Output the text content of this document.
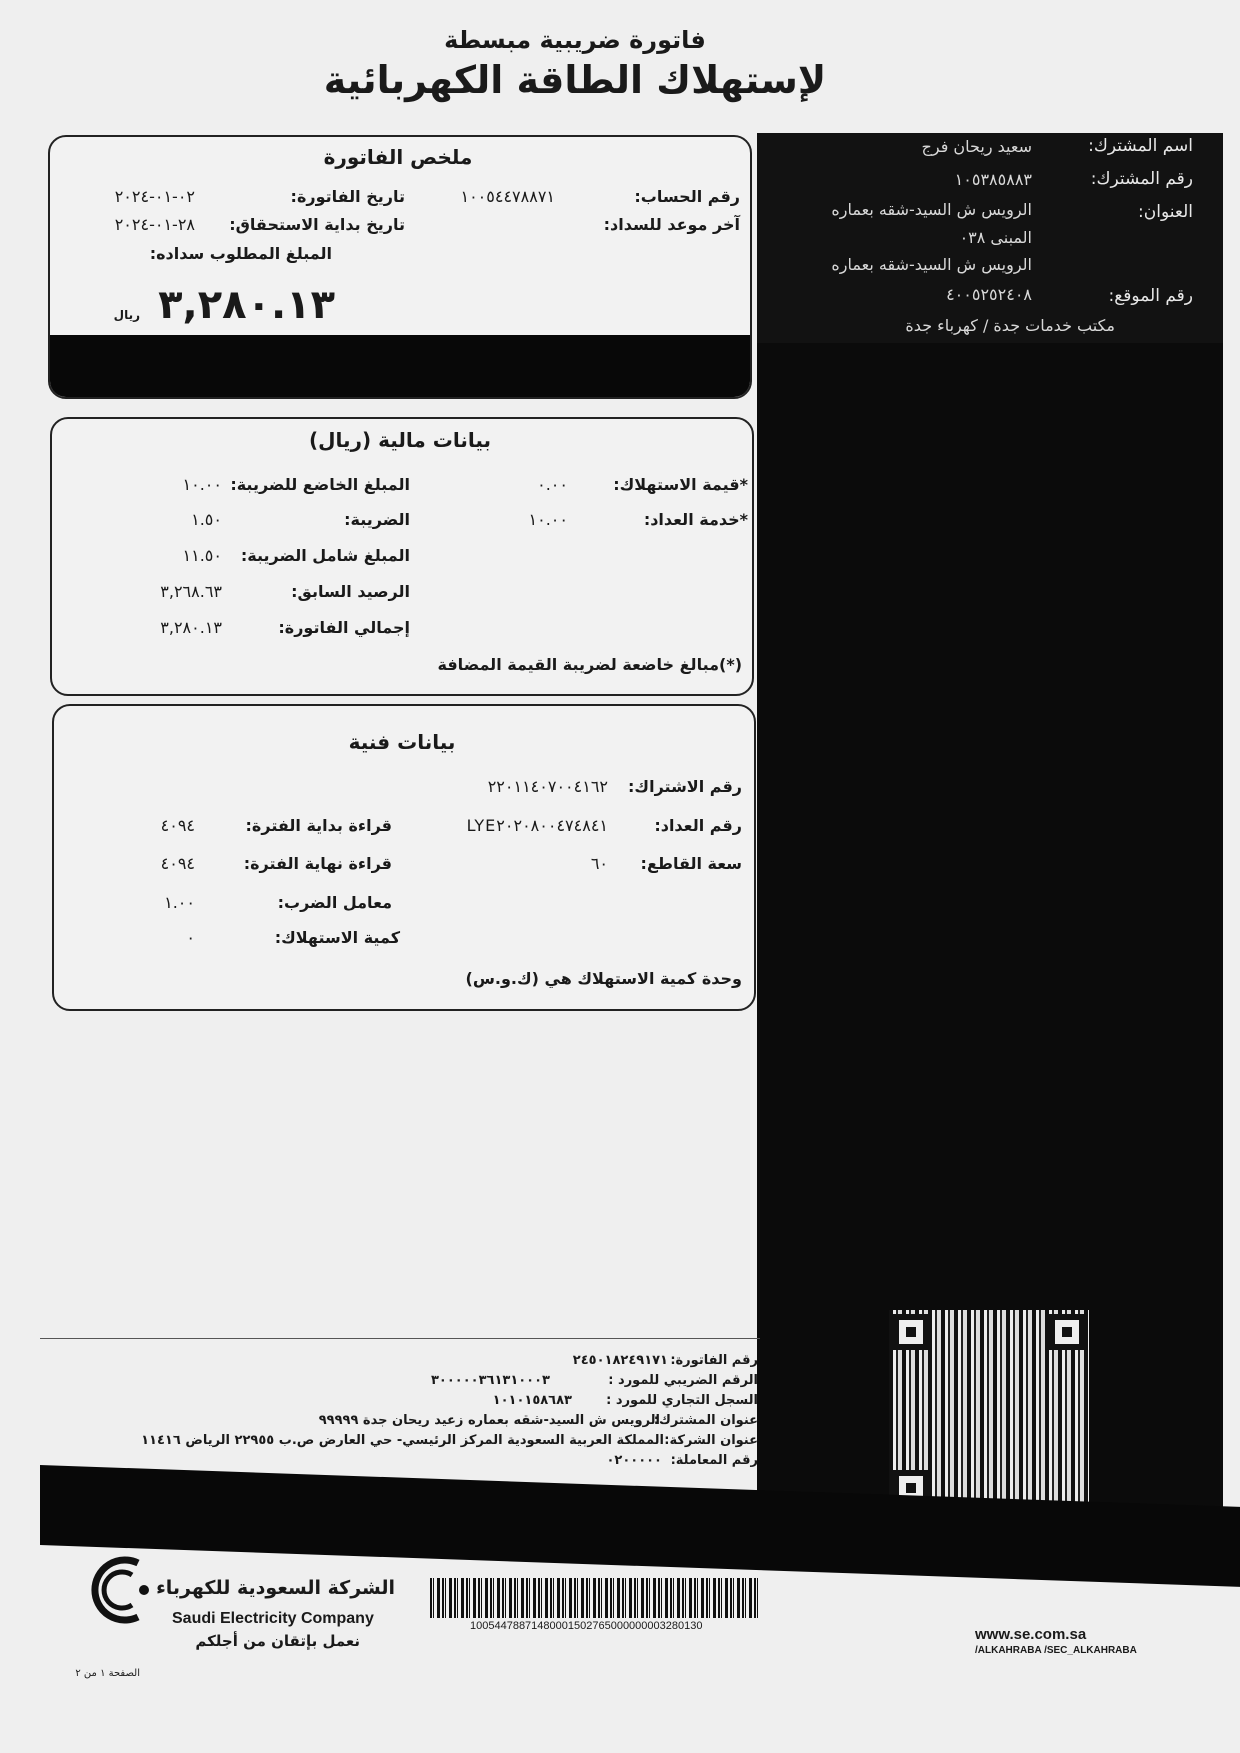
فاتورة ضريبية مبسطة
لإستهلاك الطاقة الكهربائية
اسم المشترك:
سعيد ريحان فرج
رقم المشترك:
١٠٥٣٨٥٨٨٣
العنوان:
الرويس ش السيد-شقه بعماره
المبنى ٠٣٨
الرويس ش السيد-شقه بعماره
رقم الموقع:
٤٠٠٥٢٥٢٤٠٨
مكتب خدمات جدة / كهرباء جدة
ملخص الفاتورة
رقم الحساب:
١٠٠٥٤٤٧٨٨٧١
تاريخ الفاتورة:
٠٢-٠١-٢٠٢٤
آخر موعد للسداد:
تاريخ بداية الاستحقاق:
٢٨-٠١-٢٠٢٤
المبلغ المطلوب سداده:
٣,٢٨٠.١٣
ريال
بيانات مالية (ريال)
*قيمة الاستهلاك:
٠.٠٠
المبلغ الخاضع للضريبة:
١٠.٠٠
*خدمة العداد:
١٠.٠٠
الضريبة:
١.٥٠
المبلغ شامل الضريبة:
١١.٥٠
الرصيد السابق:
٣,٢٦٨.٦٣
إجمالي الفاتورة:
٣,٢٨٠.١٣
(*)مبالغ خاضعة لضريبة القيمة المضافة
بيانات فنية
رقم الاشتراك:
٢٢٠١١٤٠٧٠٠٤١٦٢
رقم العداد:
LYE٢٠٢٠٨٠٠٤٧٤٨٤١
قراءة بداية الفترة:
٤٠٩٤
سعة القاطع:
٦٠
قراءة نهاية الفترة:
٤٠٩٤
معامل الضرب:
١.٠٠
كمية الاستهلاك:
٠
وحدة كمية الاستهلاك هي (ك.و.س)
رقم الفاتورة:
٢٤٥٠١٨٢٤٩١٧١
الرقم الضريبي للمورد :
٣٠٠٠٠٠٣٦١٣١٠٠٠٣
السجل التجاري للمورد :
١٠١٠١٥٨٦٨٣
عنوان المشترك:
الرويس ش السيد-شقه بعماره زعيد ريحان جدة ٩٩٩٩٩
عنوان الشركة:
المملكة العربية السعودية المركز الرئيسي- حي العارض ص.ب ٢٢٩٥٥ الرياض ١١٤١٦
رقم المعاملة:
٠٢٠٠٠٠٠
الشركة السعودية للكهرباء
Saudi Electricity Company
نعمل بإتقان من أجلكم
10054478871480001502765000000003280130	www.se.com.sa
/ALKAHRABA /SEC_ALKAHRABA
الصفحة ١ من ٢
